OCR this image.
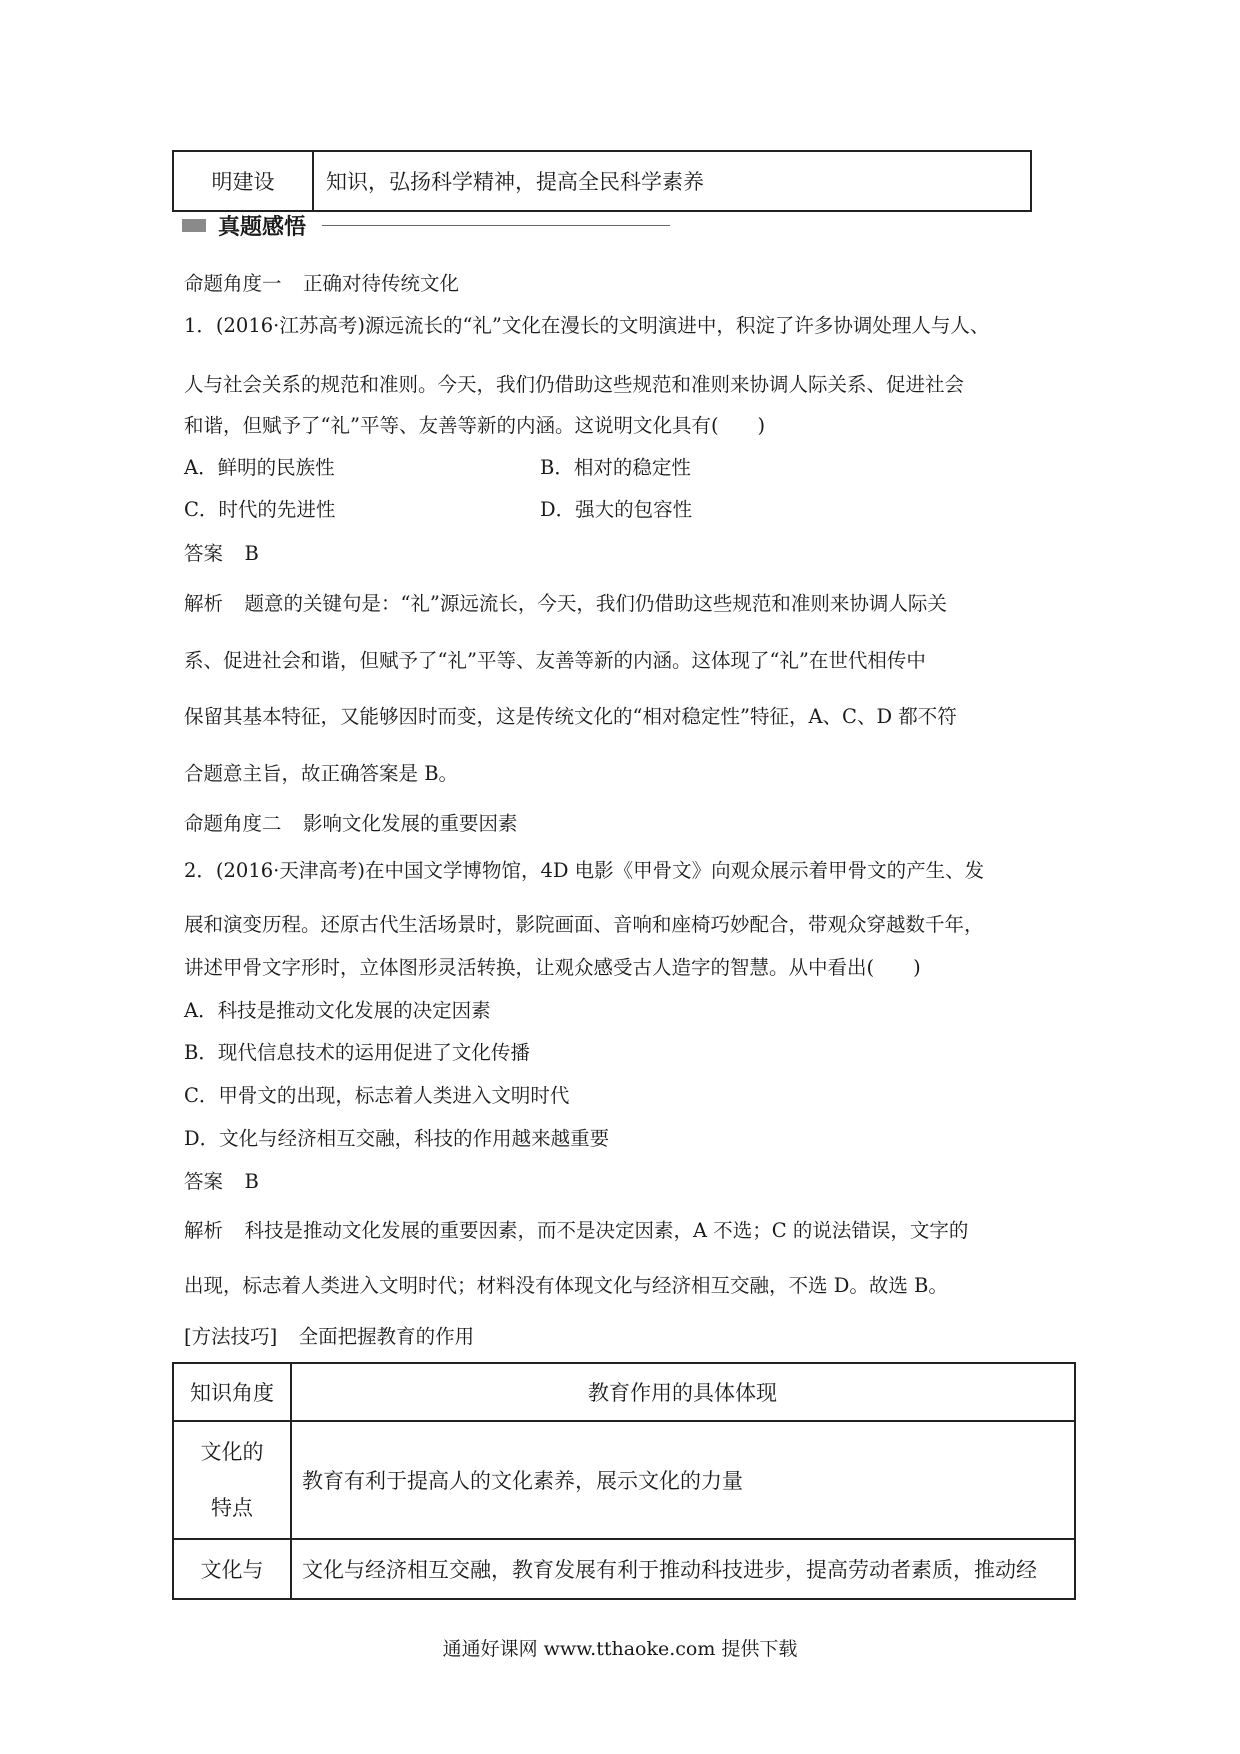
明建设	知识，弘扬科学精神，提高全民科学素养
真题感悟
命题角度一 正确对待传统文化
1．(2016·江苏高考)源远流长的“礼”文化在漫长的文明演进中，积淀了许多协调处理人与人、
人与社会关系的规范和准则。今天，我们仍借助这些规范和准则来协调人际关系、促进社会
和谐，但赋予了“礼”平等、友善等新的内涵。这说明文化具有(　　)
A．鲜明的民族性	B．相对的稳定性
C．时代的先进性	D．强大的包容性
答案 B
解析 题意的关键句是：“礼”源远流长，今天，我们仍借助这些规范和准则来协调人际关
系、促进社会和谐，但赋予了“礼”平等、友善等新的内涵。这体现了“礼”在世代相传中
保留其基本特征，又能够因时而变，这是传统文化的“相对稳定性”特征，A、C、D 都不符
合题意主旨，故正确答案是 B。
命题角度二 影响文化发展的重要因素
2．(2016·天津高考)在中国文学博物馆，4D 电影《甲骨文》向观众展示着甲骨文的产生、发
展和演变历程。还原古代生活场景时，影院画面、音响和座椅巧妙配合，带观众穿越数千年，
讲述甲骨文字形时，立体图形灵活转换，让观众感受古人造字的智慧。从中看出(　　)
A．科技是推动文化发展的决定因素
B．现代信息技术的运用促进了文化传播
C．甲骨文的出现，标志着人类进入文明时代
D．文化与经济相互交融，科技的作用越来越重要
答案 B
解析 科技是推动文化发展的重要因素，而不是决定因素，A 不选；C 的说法错误，文字的
出现，标志着人类进入文明时代；材料没有体现文化与经济相互交融，不选 D。故选 B。
[方法技巧] 全面把握教育的作用
知识角度	教育作用的具体体现

文化的
特点	教育有利于提高人的文化素养，展示文化的力量
文化与	文化与经济相互交融，教育发展有利于推动科技进步，提高劳动者素质，推动经
通通好课网 www.tthaoke.com 提供下载
